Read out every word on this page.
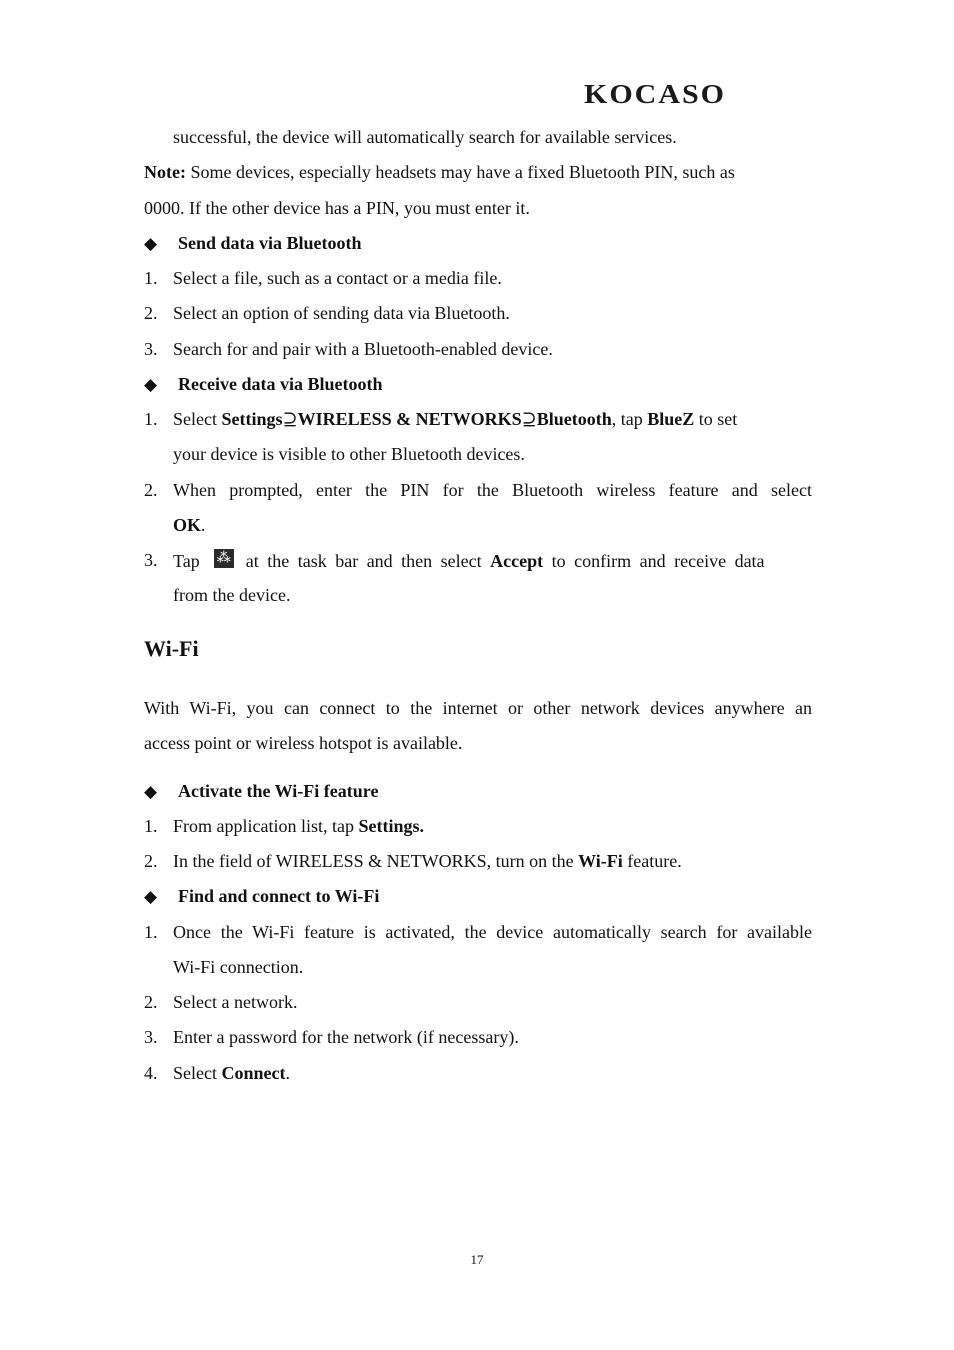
KOCASO
successful, the device will automatically search for available services.
Note: Some devices, especially headsets may have a fixed Bluetooth PIN, such as
0000. If the other device has a PIN, you must enter it.
◆ Send data via Bluetooth
1. Select a file, such as a contact or a media file.
2. Select an option of sending data via Bluetooth.
3. Search for and pair with a Bluetooth-enabled device.
◆ Receive data via Bluetooth
1. Select Settings⊇WIRELESS & NETWORKS⊇Bluetooth, tap BlueZ to set
your device is visible to other Bluetooth devices.
2. When prompted, enter the PIN for the Bluetooth wireless feature and select
OK.
3. Tap⁂	at the task bar and then select Accept to confirm and receive data
from the device.
Wi-Fi
With Wi-Fi, you can connect to the internet or other network devices anywhere an
access point or wireless hotspot is available.
◆ Activate the Wi-Fi feature
1. From application list, tap Settings.
2. In the field of WIRELESS & NETWORKS, turn on the Wi-Fi feature.
◆ Find and connect to Wi-Fi
1. Once the Wi-Fi feature is activated, the device automatically search for available
Wi-Fi connection.
2. Select a network.
3. Enter a password for the network (if necessary).
4. Select Connect.
17
